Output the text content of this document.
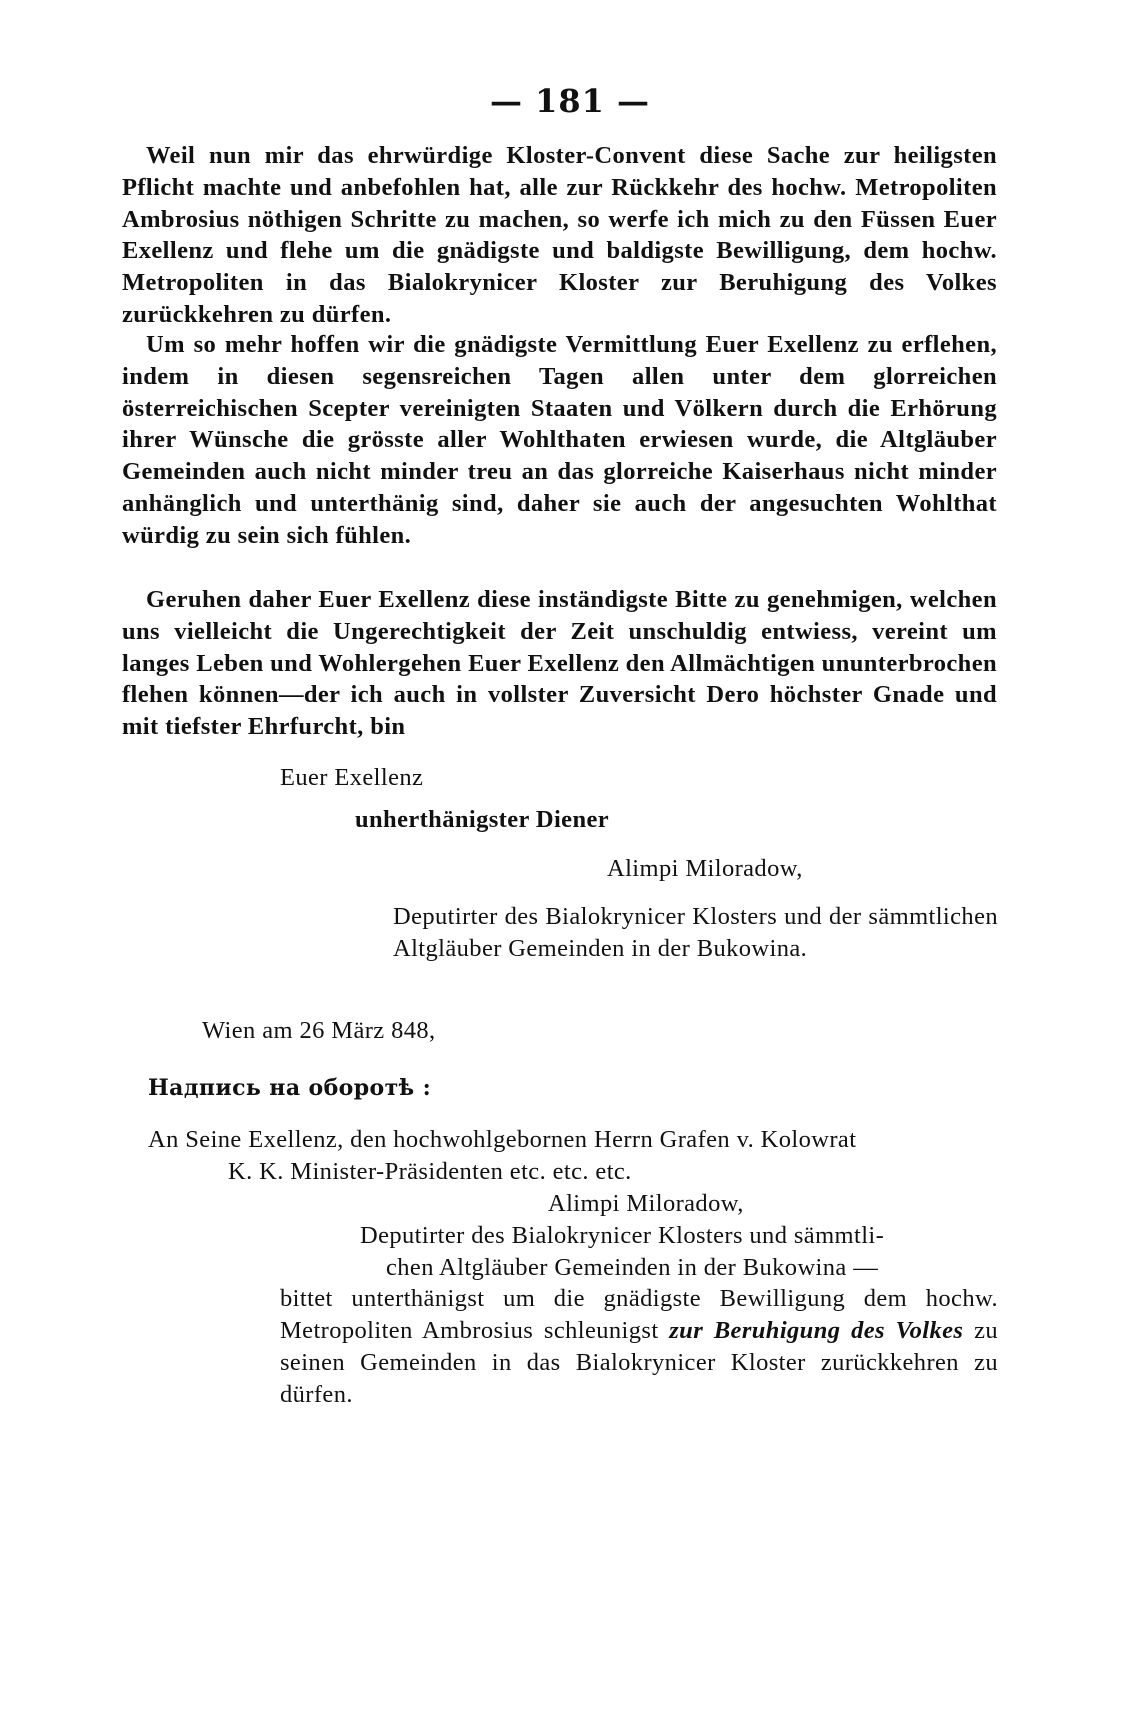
— 181 —
Weil nun mir das ehrwürdige Kloster-Convent diese Sache zur heiligsten Pflicht machte und anbefohlen hat, alle zur Rückkehr des hochw. Metropoliten Ambrosius nöthigen Schritte zu machen, so werfe ich mich zu den Füssen Euer Exellenz und flehe um die gnädigste und baldigste Bewilligung, dem hochw. Metropoliten in das Bialokrynicer Kloster zur Beruhigung des Volkes zurückkehren zu dürfen.
Um so mehr hoffen wir die gnädigste Vermittlung Euer Exellenz zu erflehen, indem in diesen segensreichen Tagen allen unter dem glorreichen österreichischen Scepter vereinigten Staaten und Völkern durch die Erhörung ihrer Wünsche die grösste aller Wohlthaten erwiesen wurde, die Altgläuber Gemeinden auch nicht minder treu an das glorreiche Kaiserhaus nicht minder anhänglich und unterthänig sind, daher sie auch der angesuchten Wohlthat würdig zu sein sich fühlen.
Geruhen daher Euer Exellenz diese inständigste Bitte zu genehmigen, welchen uns vielleicht die Ungerechtigkeit der Zeit unschuldig entwiess, vereint um langes Leben und Wohlergehen Euer Exellenz den Allmächtigen ununterbrochen flehen können—der ich auch in vollster Zuversicht Dero höchster Gnade und mit tiefster Ehrfurcht, bin
Euer Exellenz
unherthänigster Diener
Alimpi Miloradow,
Deputirter des Bialokrynicer Klosters und der sämmtlichen Altgläuber Gemeinden in der Bukowina.
Wien am 26 März 848,
Надпись на оборотѣ :
An Seine Exellenz, den hochwohlgebornen Herrn Grafen v. Kolowrat
K. K. Minister-Präsidenten etc. etc. etc.
Alimpi Miloradow,
Deputirter des Bialokrynicer Klosters und sämmtli-
chen Altgläuber Gemeinden in der Bukowina —
bittet unterthänigst um die gnädigste Bewilligung dem hochw. Metropoliten Ambrosius schleunigst zur Beruhigung des Volkes zu seinen Gemeinden in das Bialokrynicer Kloster zurückkehren zu dürfen.
